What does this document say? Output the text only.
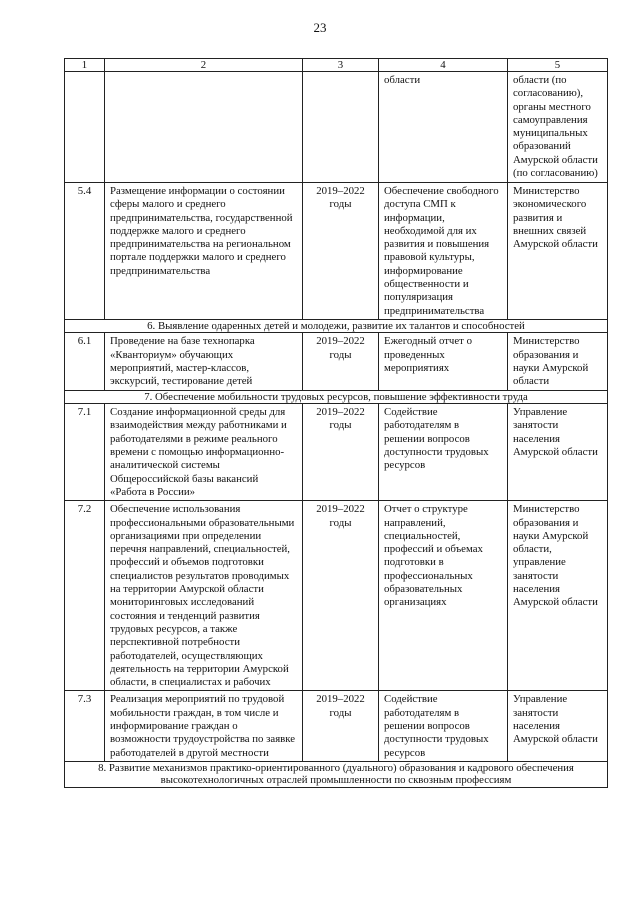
23
1	2	3	4	5
			области	области (по согласованию), органы местного самоуправления муниципальных образований Амурской области (по согласованию)
5.4	Размещение информации о состоянии сферы малого и среднего предпринимательства, государственной поддержке малого и среднего предпринимательства на региональном портале поддержки малого и среднего предпринимательства	2019–2022 годы	Обеспечение свободного доступа СМП к информации, необходимой для их развития и повышения правовой культуры, информирование общественности и популяризация предпринимательства	Министерство экономического развития и внешних связей Амурской области
6. Выявление одаренных детей и молодежи, развитие их талантов и способностей				
6.1	Проведение на базе технопарка «Кванториум» обучающих мероприятий, мастер-классов, экскурсий, тестирование детей	2019–2022 годы	Ежегодный отчет о проведенных мероприятиях	Министерство образования и науки Амурской области
7. Обеспечение мобильности трудовых ресурсов, повышение эффективности труда				
7.1	Создание информационной среды для взаимодействия между работниками и работодателями в режиме реального времени с помощью информационно-аналитической системы Общероссийской базы вакансий «Работа в России»	2019–2022 годы	Содействие работодателям в решении вопросов доступности трудовых ресурсов	Управление занятости населения Амурской области
7.2	Обеспечение использования профессиональными образовательными организациями при определении перечня направлений, специальностей, профессий и объемов подготовки специалистов результатов проводимых на территории Амурской области мониторинговых исследований состояния и тенденций развития трудовых ресурсов, а также перспективной потребности работодателей, осуществляющих деятельность на территории Амурской области, в специалистах и рабочих	2019–2022 годы	Отчет о структуре направлений, специальностей, профессий и объемах подготовки в профессиональных образовательных организациях	Министерство образования и науки Амурской области, управление занятости населения Амурской области
7.3	Реализация мероприятий по трудовой мобильности граждан, в том числе и информирование граждан о возможности трудоустройства по заявке работодателей в другой местности	2019–2022 годы	Содействие работодателям в решении вопросов доступности трудовых ресурсов	Управление занятости населения Амурской области
8. Развитие механизмов практико-ориентированного (дуального) образования и кадрового обеспечения высокотехнологичных отраслей промышленности по сквозным профессиям				
